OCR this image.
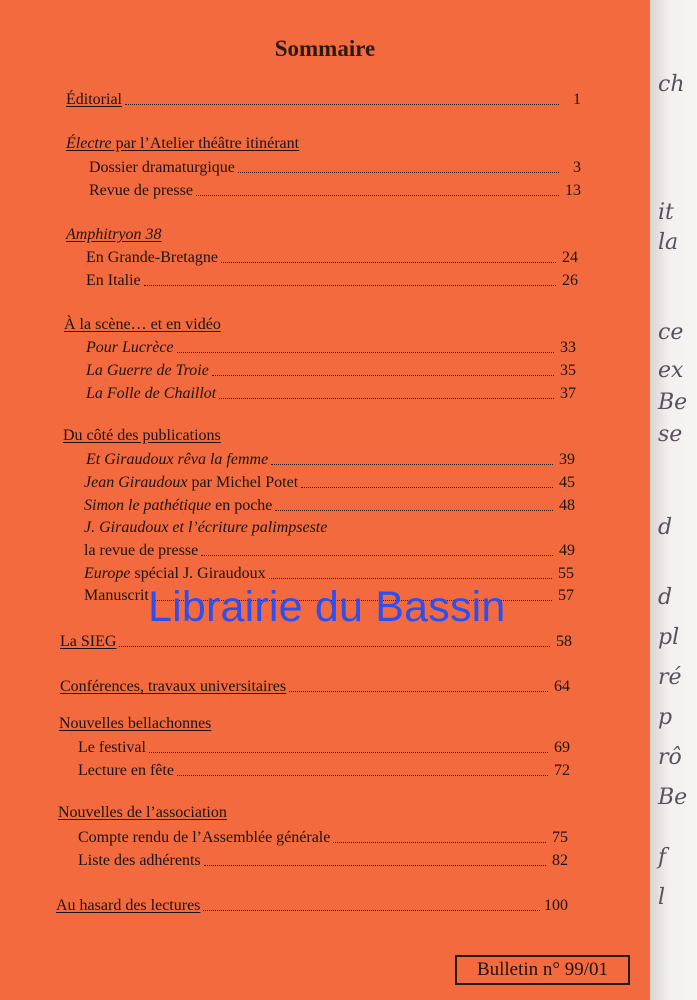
Sommaire
Éditorial	1
Électre par l’Atelier théâtre itinérant
Dossier dramaturgique	3
Revue de presse	13
Amphitryon 38
En Grande-Bretagne	24
En Italie	26
À la scène… et en vidéo
Pour Lucrèce	33
La Guerre de Troie	35
La Folle de Chaillot	37
Du côté des publications
Et Giraudoux rêva la femme	39
Jean Giraudoux par Michel Potet	45
Simon le pathétique en poche	48
J. Giraudoux et l’écriture palimpseste
la revue de presse	49
Europe spécial J. Giraudoux	55
Manuscrit	57
La SIEG	58
Conférences, travaux universitaires	64
Nouvelles bellachonnes
Le festival	69
Lecture en fête	72
Nouvelles de l’association
Compte rendu de l’Assemblée générale	75
Liste des adhérents	82
Au hasard des lectures	100
Librairie du Bassin
Bulletin n° 99/01
ch
it
la
ce
ex
Be
se
d
d
pl
ré
p
rô
Be
f
l
